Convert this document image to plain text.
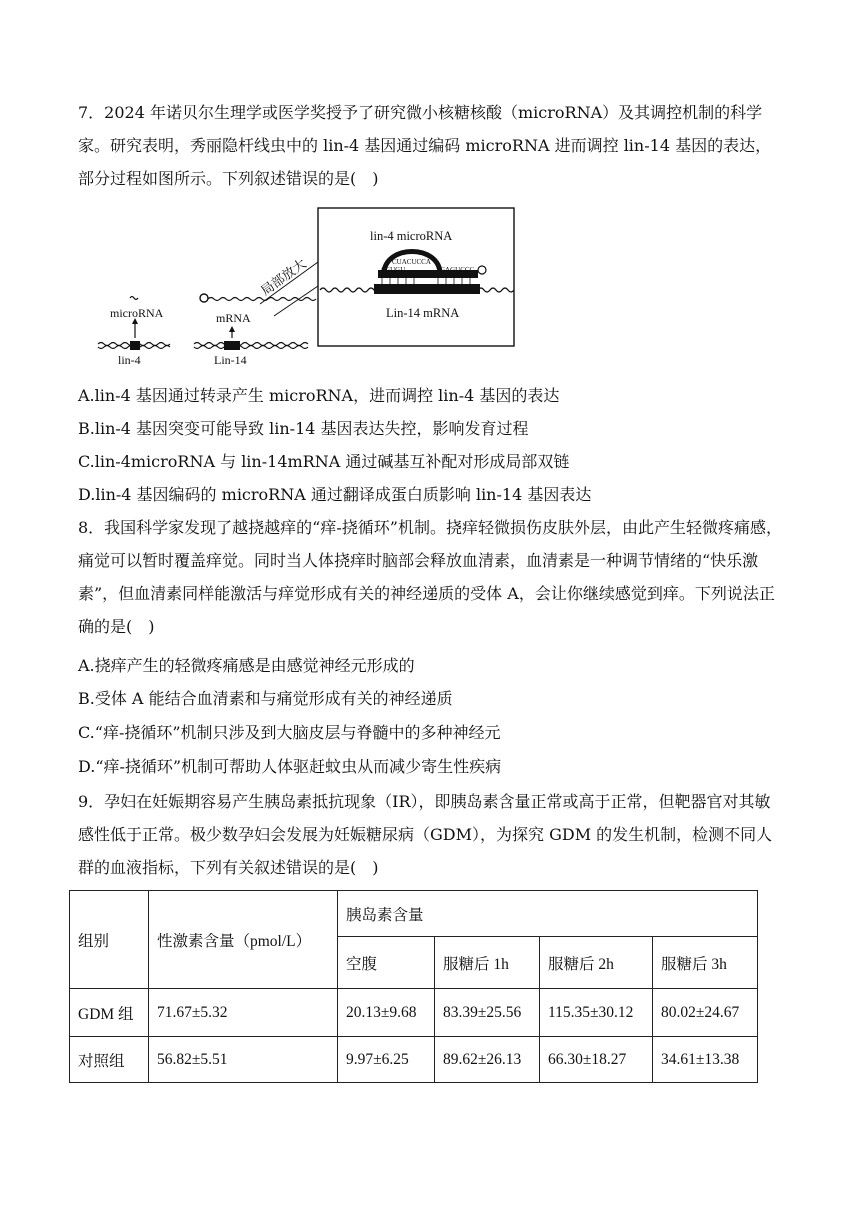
7．2024 年诺贝尔生理学或医学奖授予了研究微小核糖核酸（microRNA）及其调控机制的科学家。研究表明，秀丽隐杆线虫中的 lin-4 基因通过编码 microRNA 进而调控 lin-14 基因的表达，部分过程如图所示。下列叙述错误的是(　)

microRNA
lin-4
mRNA
Lin-14
局部放大
lin-4 microRNA
CUACUCCA
AGUGU	GAGUCCC
CUCACAACCAACUCAGGGA
Lin-14 mRNA

A.lin-4 基因通过转录产生 microRNA，进而调控 lin-4 基因的表达

B.lin-4 基因突变可能导致 lin-14 基因表达失控，影响发育过程

C.lin-4microRNA 与 lin-14mRNA 通过碱基互补配对形成局部双链

D.lin-4 基因编码的 microRNA 通过翻译成蛋白质影响 lin-14 基因表达

8．我国科学家发现了越挠越痒的“痒-挠循环”机制。挠痒轻微损伤皮肤外层，由此产生轻微疼痛感，痛觉可以暂时覆盖痒觉。同时当人体挠痒时脑部会释放血清素，血清素是一种调节情绪的“快乐激素”，但血清素同样能激活与痒觉形成有关的神经递质的受体 A，会让你继续感觉到痒。下列说法正确的是(　)

A.挠痒产生的轻微疼痛感是由感觉神经元形成的

B.受体 A 能结合血清素和与痛觉形成有关的神经递质

C.“痒-挠循环”机制只涉及到大脑皮层与脊髓中的多种神经元

D.“痒-挠循环”机制可帮助人体驱赶蚊虫从而减少寄生性疾病

9．孕妇在妊娠期容易产生胰岛素抵抗现象（IR），即胰岛素含量正常或高于正常，但靶器官对其敏感性低于正常。极少数孕妇会发展为妊娠糖尿病（GDM），为探究 GDM 的发生机制，检测不同人群的血液指标，下列有关叙述错误的是(　)

组别	性激素含量（pmol/L）	胰岛素含量			
		空腹	服糖后 1h	服糖后 2h	服糖后 3h
GDM 组	71.67±5.32	20.13±9.68	83.39±25.56	115.35±30.12	80.02±24.67
对照组	56.82±5.51	9.97±6.25	89.62±26.13	66.30±18.27	34.61±13.38
